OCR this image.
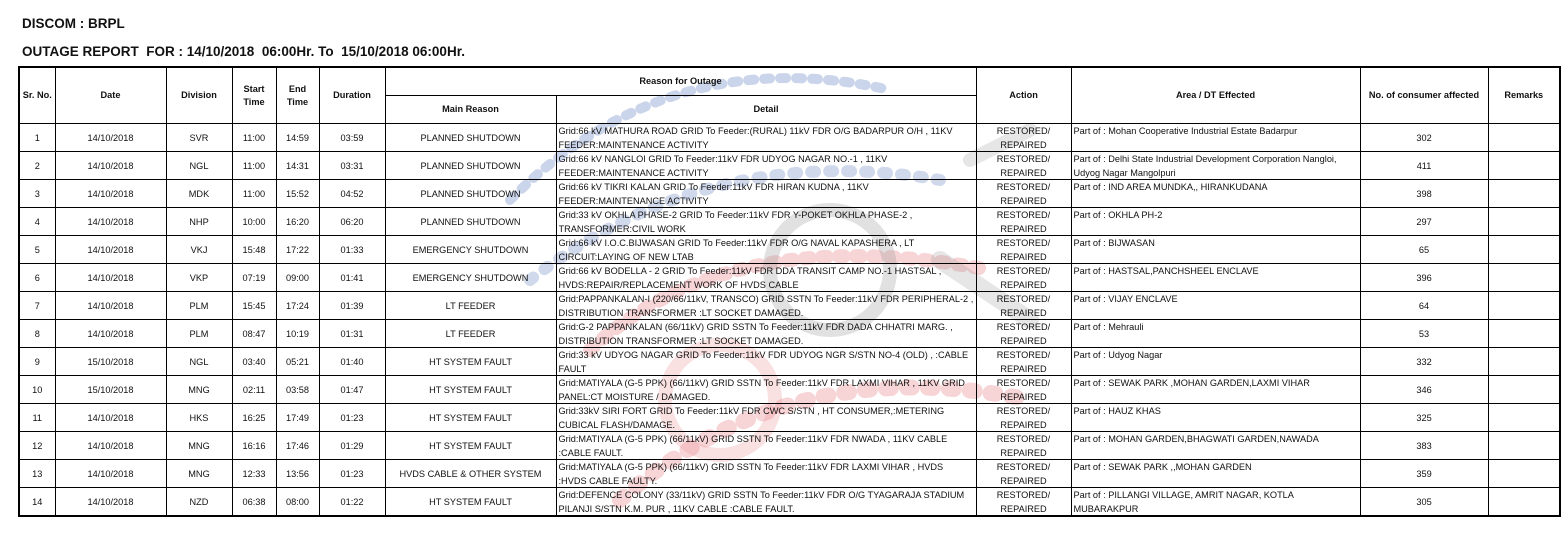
DISCOM : BRPL
OUTAGE REPORT  FOR : 14/10/2018  06:00Hr. To  15/10/2018 06:00Hr.
Sr. No.	Date	Division	Start Time	End Time	Duration	Reason for Outage		Action	Area / DT Effected	No. of consumer affected	Remarks
						Main Reason	Detail				
1	14/10/2018	SVR	11:00	14:59	03:59	PLANNED SHUTDOWN	Grid:66 kV MATHURA ROAD GRID To Feeder:(RURAL) 11kV FDR O/G BADARPUR O/H , 11KV FEEDER:MAINTENANCE ACTIVITY	RESTORED/ REPAIRED	Part of : Mohan Cooperative Industrial Estate Badarpur	302	
2	14/10/2018	NGL	11:00	14:31	03:31	PLANNED SHUTDOWN	Grid:66 kV NANGLOI GRID To Feeder:11kV FDR UDYOG NAGAR NO.-1 , 11KV FEEDER:MAINTENANCE ACTIVITY	RESTORED/ REPAIRED	Part of : Delhi State Industrial Development Corporation Nangloi, Udyog Nagar Mangolpuri	411	
3	14/10/2018	MDK	11:00	15:52	04:52	PLANNED SHUTDOWN	Grid:66 kV TIKRI KALAN GRID To Feeder:11kV FDR HIRAN KUDNA , 11KV FEEDER:MAINTENANCE ACTIVITY	RESTORED/ REPAIRED	Part of : IND AREA MUNDKA,, HIRANKUDANA	398	
4	14/10/2018	NHP	10:00	16:20	06:20	PLANNED SHUTDOWN	Grid:33 kV OKHLA PHASE-2 GRID To Feeder:11kV FDR Y-POKET OKHLA PHASE-2 , TRANSFORMER:CIVIL WORK	RESTORED/ REPAIRED	Part of : OKHLA PH-2	297	
5	14/10/2018	VKJ	15:48	17:22	01:33	EMERGENCY SHUTDOWN	Grid:66 kV I.O.C.BIJWASAN GRID To Feeder:11kV FDR O/G NAVAL KAPASHERA , LT CIRCUIT:LAYING OF NEW LTAB	RESTORED/ REPAIRED	Part of : BIJWASAN	65	
6	14/10/2018	VKP	07:19	09:00	01:41	EMERGENCY SHUTDOWN	Grid:66 kV BODELLA - 2 GRID To Feeder:11kV FDR DDA TRANSIT CAMP NO.-1 HASTSAL , HVDS:REPAIR/REPLACEMENT WORK OF HVDS CABLE	RESTORED/ REPAIRED	Part of : HASTSAL,PANCHSHEEL ENCLAVE	396	
7	14/10/2018	PLM	15:45	17:24	01:39	LT FEEDER	Grid:PAPPANKALAN-I (220/66/11kV, TRANSCO) GRID SSTN To Feeder:11kV FDR PERIPHERAL-2 , DISTRIBUTION TRANSFORMER :LT SOCKET DAMAGED.	RESTORED/ REPAIRED	Part of : VIJAY ENCLAVE	64	
8	14/10/2018	PLM	08:47	10:19	01:31	LT FEEDER	Grid:G-2 PAPPANKALAN (66/11kV) GRID SSTN To Feeder:11kV FDR DADA CHHATRI MARG. , DISTRIBUTION TRANSFORMER :LT SOCKET DAMAGED.	RESTORED/ REPAIRED	Part of : Mehrauli	53	
9	15/10/2018	NGL	03:40	05:21	01:40	HT SYSTEM FAULT	Grid:33 kV UDYOG NAGAR GRID To Feeder:11kV FDR UDYOG NGR S/STN NO-4 (OLD) , :CABLE FAULT	RESTORED/ REPAIRED	Part of : Udyog Nagar	332	
10	15/10/2018	MNG	02:11	03:58	01:47	HT SYSTEM FAULT	Grid:MATIYALA (G-5 PPK) (66/11kV) GRID SSTN To Feeder:11kV FDR LAXMI VIHAR , 11KV GRID PANEL:CT MOISTURE / DAMAGED.	RESTORED/ REPAIRED	Part of : SEWAK PARK ,MOHAN GARDEN,LAXMI VIHAR	346	
11	14/10/2018	HKS	16:25	17:49	01:23	HT SYSTEM FAULT	Grid:33kV SIRI FORT GRID To Feeder:11kV FDR CWC S/STN , HT CONSUMER,:METERING CUBICAL FLASH/DAMAGE.	RESTORED/ REPAIRED	Part of : HAUZ KHAS	325	
12	14/10/2018	MNG	16:16	17:46	01:29	HT SYSTEM FAULT	Grid:MATIYALA (G-5 PPK) (66/11kV) GRID SSTN To Feeder:11kV FDR NWADA , 11KV CABLE :CABLE FAULT.	RESTORED/ REPAIRED	Part of : MOHAN GARDEN,BHAGWATI GARDEN,NAWADA	383	
13	14/10/2018	MNG	12:33	13:56	01:23	HVDS CABLE & OTHER SYSTEM	Grid:MATIYALA (G-5 PPK) (66/11kV) GRID SSTN To Feeder:11kV FDR LAXMI VIHAR , HVDS :HVDS CABLE FAULTY.	RESTORED/ REPAIRED	Part of : SEWAK PARK ,,MOHAN GARDEN	359	
14	14/10/2018	NZD	06:38	08:00	01:22	HT SYSTEM FAULT	Grid:DEFENCE COLONY (33/11kV) GRID SSTN To Feeder:11kV FDR O/G TYAGARAJA STADIUM PILANJI S/STN K.M. PUR , 11KV CABLE :CABLE FAULT.	RESTORED/ REPAIRED	Part of : PILLANGI VILLAGE, AMRIT NAGAR, KOTLA MUBARAKPUR	305	
